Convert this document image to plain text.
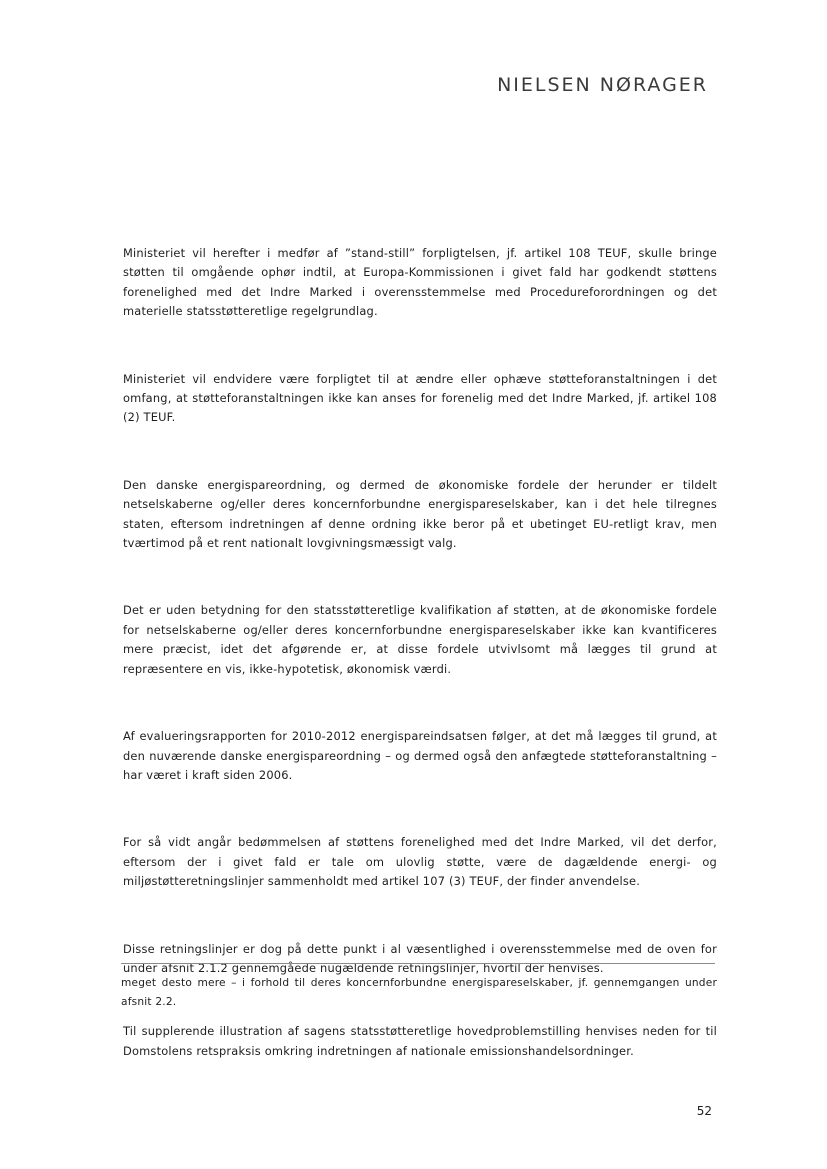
NIELSEN NØRAGER

Ministeriet vil herefter i medfør af ”stand-still” forpligtelsen, jf. artikel 108 TEUF, skulle bringe støtten til omgående ophør indtil, at Europa-Kommissionen i givet fald har godkendt støttens forenelighed med det Indre Marked i overensstemmelse med Procedureforordningen og det materielle statsstøtteretlige regelgrundlag.

Ministeriet vil endvidere være forpligtet til at ændre eller ophæve støtteforanstaltningen i det omfang, at støtteforanstaltningen ikke kan anses for forenelig med det Indre Marked, jf. artikel 108 (2) TEUF.

Den danske energispareordning, og dermed de økonomiske fordele der herunder er tildelt netselskaberne og/eller deres koncernforbundne energispareselskaber, kan i det hele tilregnes staten, eftersom indretningen af denne ordning ikke beror på et ubetinget EU-retligt krav, men tværtimod på et rent nationalt lovgivningsmæssigt valg.

Det er uden betydning for den statsstøtteretlige kvalifikation af støtten, at de økonomiske fordele for netselskaberne og/eller deres koncernforbundne energispareselskaber ikke kan kvantificeres mere præcist, idet det afgørende er, at disse fordele utvivlsomt må lægges til grund at repræsentere en vis, ikke-hypotetisk, økonomisk værdi.

Af evalueringsrapporten for 2010-2012 energispareindsatsen følger, at det må lægges til grund, at den nuværende danske energispareordning – og dermed også den anfægtede støtteforanstaltning – har været i kraft siden 2006.

For så vidt angår bedømmelsen af støttens forenelighed med det Indre Marked, vil det derfor, eftersom der i givet fald er tale om ulovlig støtte, være de dagældende energi- og miljøstøtteretningslinjer sammenholdt med artikel 107 (3) TEUF, der finder anvendelse.

Disse retningslinjer er dog på dette punkt i al væsentlighed i overensstemmelse med de oven for under afsnit 2.1.2 gennemgåede nugældende retningslinjer, hvortil der henvises.

Til supplerende illustration af sagens statsstøtteretlige hovedproblemstilling henvises neden for til Domstolens retspraksis omkring indretningen af nationale emissionshandelsordninger.

meget desto mere – i forhold til deres koncernforbundne energispareselskaber, jf. gennemgangen under afsnit 2.2.

52
